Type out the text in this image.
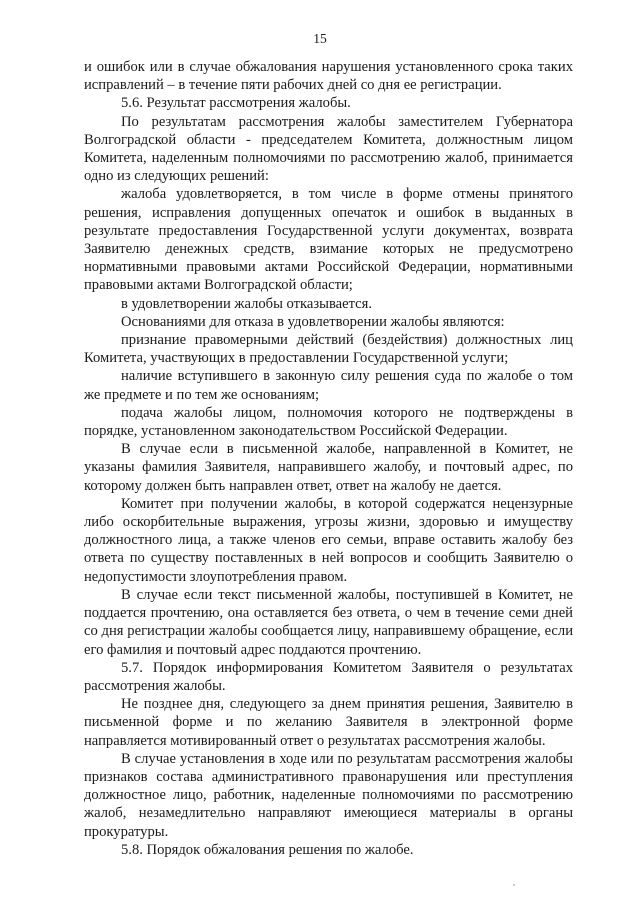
15

и ошибок или в случае обжалования нарушения установленного срока таких исправлений – в течение пяти рабочих дней со дня ее регистрации.

5.6. Результат рассмотрения жалобы.

По результатам рассмотрения жалобы заместителем Губернатора Волгоградской области - председателем Комитета, должностным лицом Комитета, наделенным полномочиями по рассмотрению жалоб, принимается одно из следующих решений:

жалоба удовлетворяется, в том числе в форме отмены принятого решения, исправления допущенных опечаток и ошибок в выданных в результате предоставления Государственной услуги документах, возврата Заявителю денежных средств, взимание которых не предусмотрено нормативными правовыми актами Российской Федерации, нормативными правовыми актами Волгоградской области;

в удовлетворении жалобы отказывается.

Основаниями для отказа в удовлетворении жалобы являются:

признание правомерными действий (бездействия) должностных лиц Комитета, участвующих в предоставлении Государственной услуги;

наличие вступившего в законную силу решения суда по жалобе о том же предмете и по тем же основаниям;

подача жалобы лицом, полномочия которого не подтверждены в порядке, установленном законодательством Российской Федерации.

В случае если в письменной жалобе, направленной в Комитет, не указаны фамилия Заявителя, направившего жалобу, и почтовый адрес, по которому должен быть направлен ответ, ответ на жалобу не дается.

Комитет при получении жалобы, в которой содержатся нецензурные либо оскорбительные выражения, угрозы жизни, здоровью и имуществу должностного лица, а также членов его семьи, вправе оставить жалобу без ответа по существу поставленных в ней вопросов и сообщить Заявителю о недопустимости злоупотребления правом.

В случае если текст письменной жалобы, поступившей в Комитет, не поддается прочтению, она оставляется без ответа, о чем в течение семи дней со дня регистрации жалобы сообщается лицу, направившему обращение, если его фамилия и почтовый адрес поддаются прочтению.

5.7. Порядок информирования Комитетом Заявителя о результатах рассмотрения жалобы.

Не позднее дня, следующего за днем принятия решения, Заявителю в письменной форме и по желанию Заявителя в электронной форме направляется мотивированный ответ о результатах рассмотрения жалобы.

В случае установления в ходе или по результатам рассмотрения жалобы признаков состава административного правонарушения или преступления должностное лицо, работник, наделенные полномочиями по рассмотрению жалоб, незамедлительно направляют имеющиеся материалы в органы прокуратуры.

5.8. Порядок обжалования решения по жалобе.
